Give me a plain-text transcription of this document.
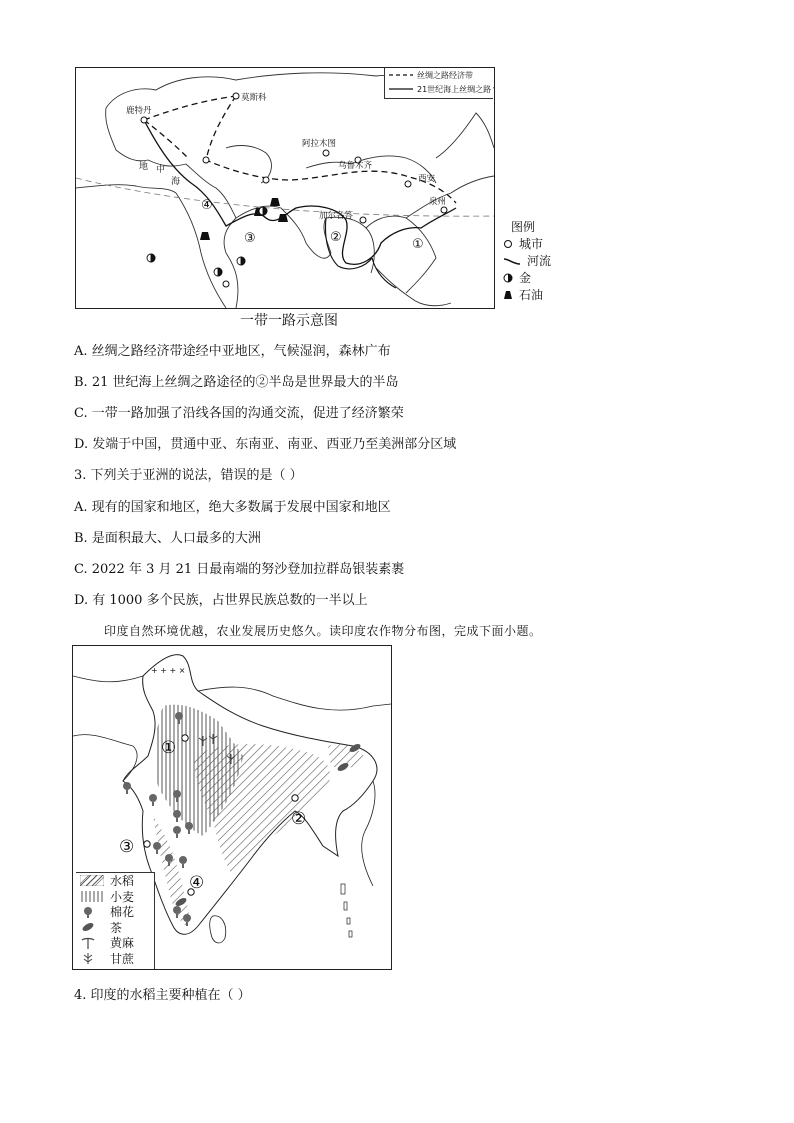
①
②
③
④
鹿特丹
莫斯科
阿拉木图
乌鲁木齐
西安
泉州
加尔各答
地 中
海
丝绸之路经济带
21世纪海上丝绸之路
图例
城市
河流
金
石油
一带一路示意图
A. 丝绸之路经济带途经中亚地区，气候湿润，森林广布
B. 21 世纪海上丝绸之路途径的②半岛是世界最大的半岛
C. 一带一路加强了沿线各国的沟通交流，促进了经济繁荣
D. 发端于中国，贯通中亚、东南亚、南亚、西亚乃至美洲部分区域
3. 下列关于亚洲的说法，错误的是（ ）
A. 现有的国家和地区，绝大多数属于发展中国家和地区
B. 是面积最大、人口最多的大洲
C. 2022 年 3 月 21 日最南端的努沙登加拉群岛银装素裹
D. 有 1000 多个民族，占世界民族总数的一半以上
印度自然环境优越，农业发展历史悠久。读印度农作物分布图，完成下面小题。
+ + + ×
①
②
③
④
水稻
小麦
棉花
茶
黄麻
甘蔗
4. 印度的水稻主要种植在（ ）
